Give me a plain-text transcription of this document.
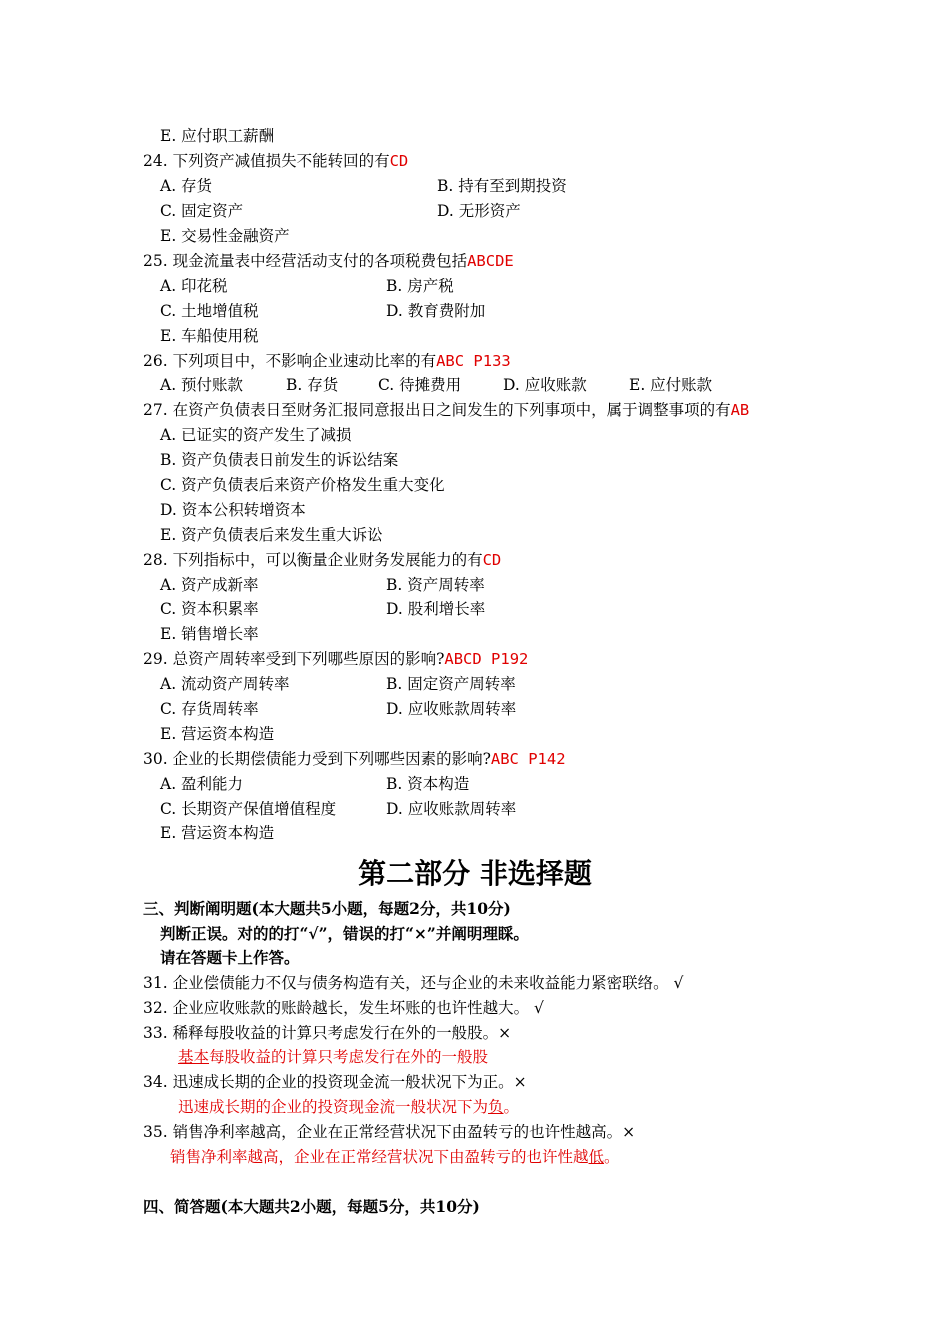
E. 应付职工薪酬
24. 下列资产减值损失不能转回的有CD
A. 存货	B. 持有至到期投资
C. 固定资产	D. 无形资产
E. 交易性金融资产
25. 现金流量表中经营活动支付的各项税费包括ABCDE
A. 印花税	B. 房产税
C. 土地增值税	D. 教育费附加
E. 车船使用税
26. 下列项目中，不影响企业速动比率的有ABC P133
A. 预付账款	B. 存货	C. 待摊费用	D. 应收账款	E. 应付账款
27. 在资产负债表日至财务汇报同意报出日之间发生的下列事项中，属于调整事项的有AB
A. 已证实的资产发生了减损
B. 资产负债表日前发生的诉讼结案
C. 资产负债表后来资产价格发生重大变化
D. 资本公积转增资本
E. 资产负债表后来发生重大诉讼
28. 下列指标中，可以衡量企业财务发展能力的有CD
A. 资产成新率	B. 资产周转率
C. 资本积累率	D. 股利增长率
E. 销售增长率
29. 总资产周转率受到下列哪些原因的影响?ABCD P192
A. 流动资产周转率	B. 固定资产周转率
C. 存货周转率	D. 应收账款周转率
E. 营运资本构造
30. 企业的长期偿债能力受到下列哪些因素的影响?ABC P142
A. 盈利能力	B. 资本构造
C. 长期资产保值增值程度	D. 应收账款周转率
E. 营运资本构造
第二部分 非选择题
三、判断阐明题(本大题共5小题，每题2分，共10分)
判断正误。对的的打“√”，错误的打“×”并阐明理睬。
请在答题卡上作答。
31. 企业偿债能力不仅与债务构造有关，还与企业的未来收益能力紧密联络。 √
32. 企业应收账款的账龄越长，发生坏账的也许性越大。 √
33. 稀释每股收益的计算只考虑发行在外的一般股。×
基本每股收益的计算只考虑发行在外的一般股
34. 迅速成长期的企业的投资现金流一般状况下为正。×
迅速成长期的企业的投资现金流一般状况下为负。
35. 销售净利率越高，企业在正常经营状况下由盈转亏的也许性越高。×
销售净利率越高，企业在正常经营状况下由盈转亏的也许性越低。
四、简答题(本大题共2小题，每题5分，共10分)
